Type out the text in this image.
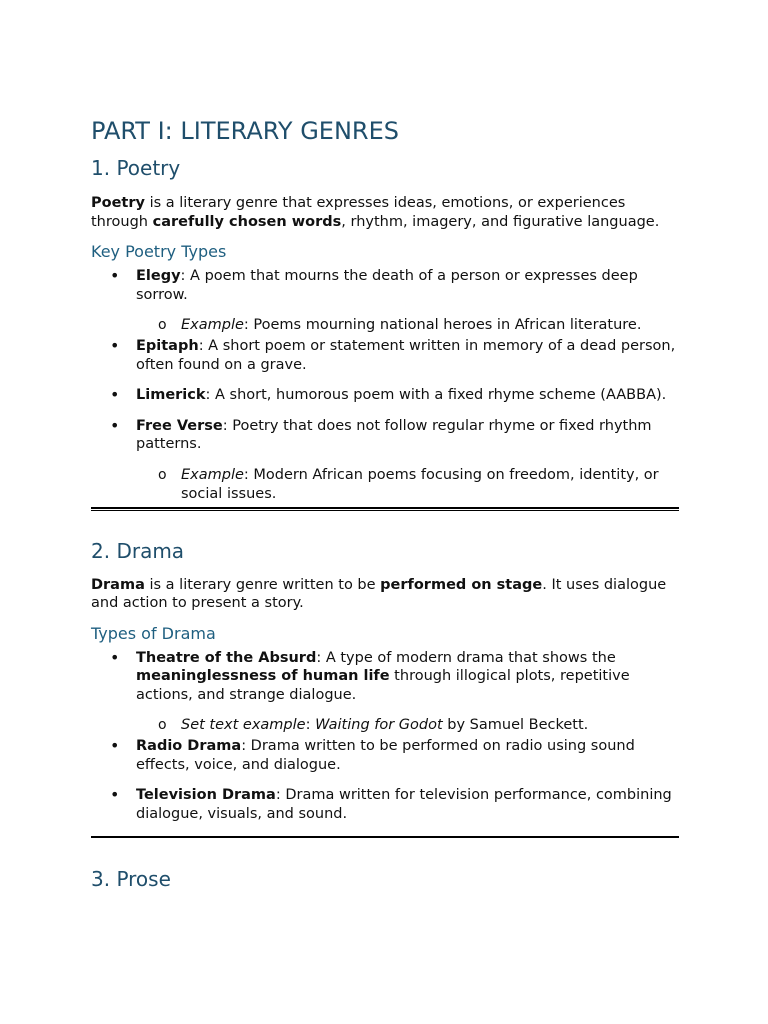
PART I: LITERARY GENRES
1. Poetry

Poetry is a literary genre that expresses ideas, emotions, or experiences through carefully chosen words, rhythm, imagery, and figurative language.

Key Poetry Types
• Elegy: A poem that mourns the death of a person or expresses deep sorrow.
o Example: Poems mourning national heroes in African literature.
• Epitaph: A short poem or statement written in memory of a dead person, often found on a grave.
• Limerick: A short, humorous poem with a fixed rhyme scheme (AABBA).
• Free Verse: Poetry that does not follow regular rhyme or fixed rhythm patterns.
o Example: Modern African poems focusing on freedom, identity, or social issues.
2. Drama

Drama is a literary genre written to be performed on stage. It uses dialogue and action to present a story.

Types of Drama
• Theatre of the Absurd: A type of modern drama that shows the meaninglessness of human life through illogical plots, repetitive actions, and strange dialogue.
o Set text example: Waiting for Godot by Samuel Beckett.
• Radio Drama: Drama written to be performed on radio using sound effects, voice, and dialogue.
• Television Drama: Drama written for television performance, combining dialogue, visuals, and sound.
3. Prose
